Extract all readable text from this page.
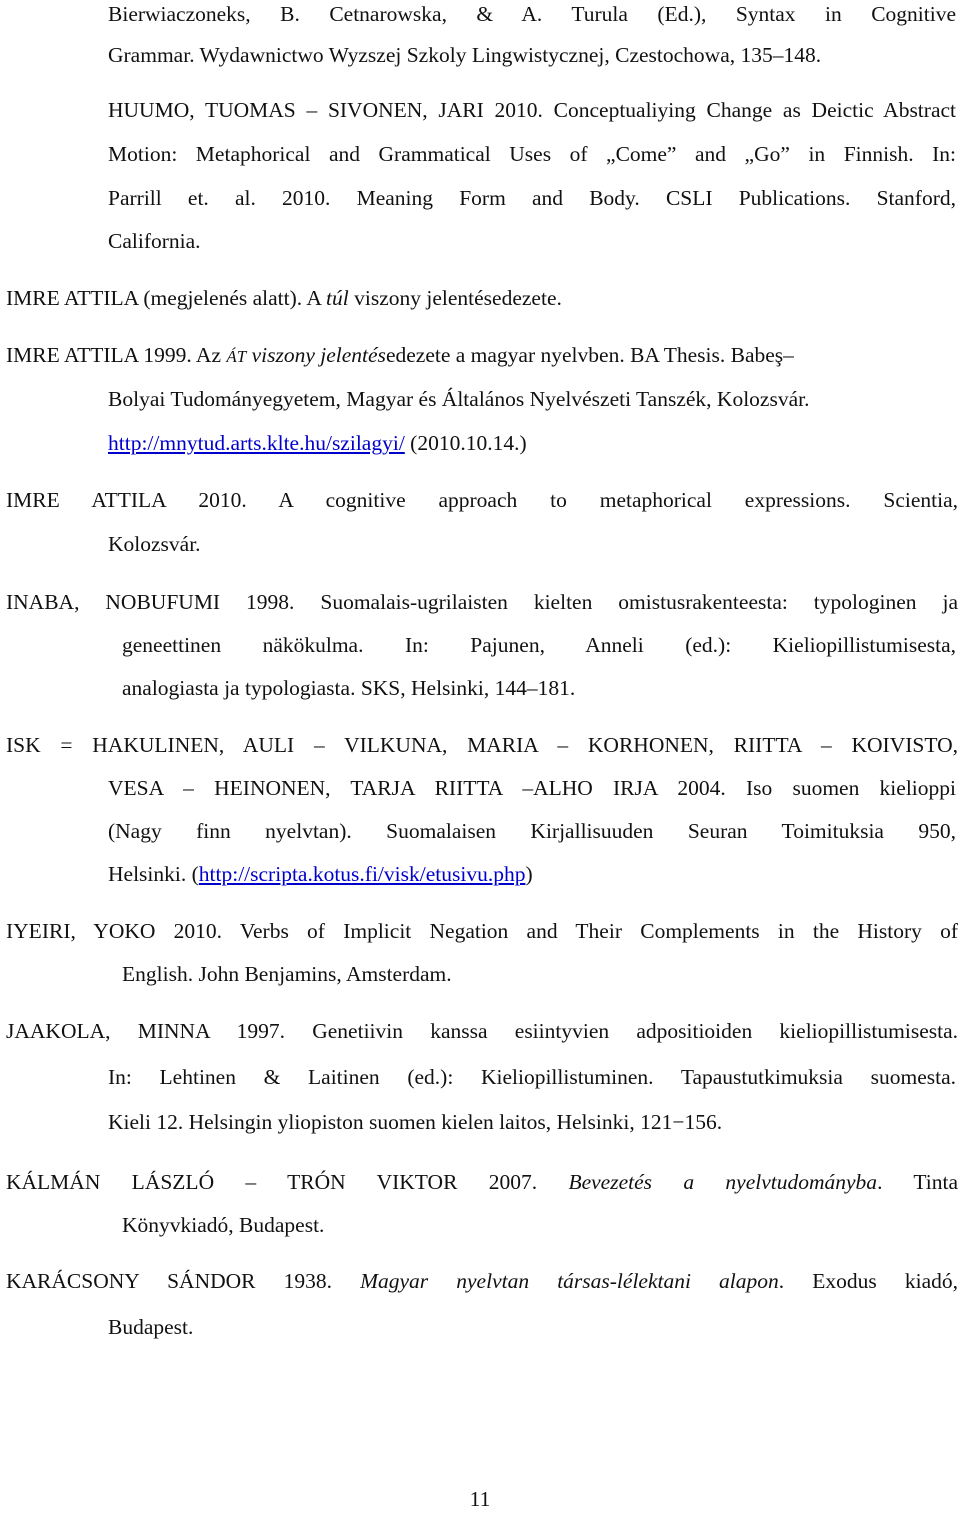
Bierwiaczoneks, B. Cetnarowska, & A. Turula (Ed.), Syntax in Cognitive
Grammar. Wydawnictwo Wyzszej Szkoly Lingwistycznej, Czestochowa, 135–148.
HUUMO, TUOMAS – SIVONEN, JARI 2010. Conceptualiying Change as Deictic Abstract
Motion: Metaphorical and Grammatical Uses of „Come” and „Go” in Finnish. In:
Parrill et. al. 2010. Meaning Form and Body. CSLI Publications. Stanford,
California.
IMRE ATTILA (megjelenés alatt). A túl viszony jelentésedezete.
IMRE ATTILA 1999. Az ÁT viszony jelentésedezete a magyar nyelvben. BA Thesis. Babeş–
Bolyai Tudományegyetem, Magyar és Általános Nyelvészeti Tanszék, Kolozsvár.
http://mnytud.arts.klte.hu/szilagyi/ (2010.10.14.)
IMRE ATTILA 2010. A cognitive approach to metaphorical expressions. Scientia,
Kolozsvár.
INABA, NOBUFUMI 1998. Suomalais-ugrilaisten kielten omistusrakenteesta: typologinen ja
geneettinen näkökulma. In: Pajunen, Anneli (ed.): Kieliopillistumisesta,
analogiasta ja typologiasta. SKS, Helsinki, 144–181.
ISK = HAKULINEN, AULI – VILKUNA, MARIA – KORHONEN, RIITTA – KOIVISTO,
VESA – HEINONEN, TARJA RIITTA –ALHO IRJA 2004. Iso suomen kielioppi
(Nagy finn nyelvtan). Suomalaisen Kirjallisuuden Seuran Toimituksia 950,
Helsinki. (http://scripta.kotus.fi/visk/etusivu.php)
IYEIRI, YOKO 2010. Verbs of Implicit Negation and Their Complements in the History of
English. John Benjamins, Amsterdam.
JAAKOLA, MINNA 1997. Genetiivin kanssa esiintyvien adpositioiden kieliopillistumisesta.
In: Lehtinen & Laitinen (ed.): Kieliopillistuminen. Tapaustutkimuksia suomesta.
Kieli 12. Helsingin yliopiston suomen kielen laitos, Helsinki, 121−156.
KÁLMÁN LÁSZLÓ – TRÓN VIKTOR 2007. Bevezetés a nyelvtudományba. Tinta
Könyvkiadó, Budapest.
KARÁCSONY SÁNDOR 1938. Magyar nyelvtan társas-lélektani alapon. Exodus kiadó,
Budapest.
11
